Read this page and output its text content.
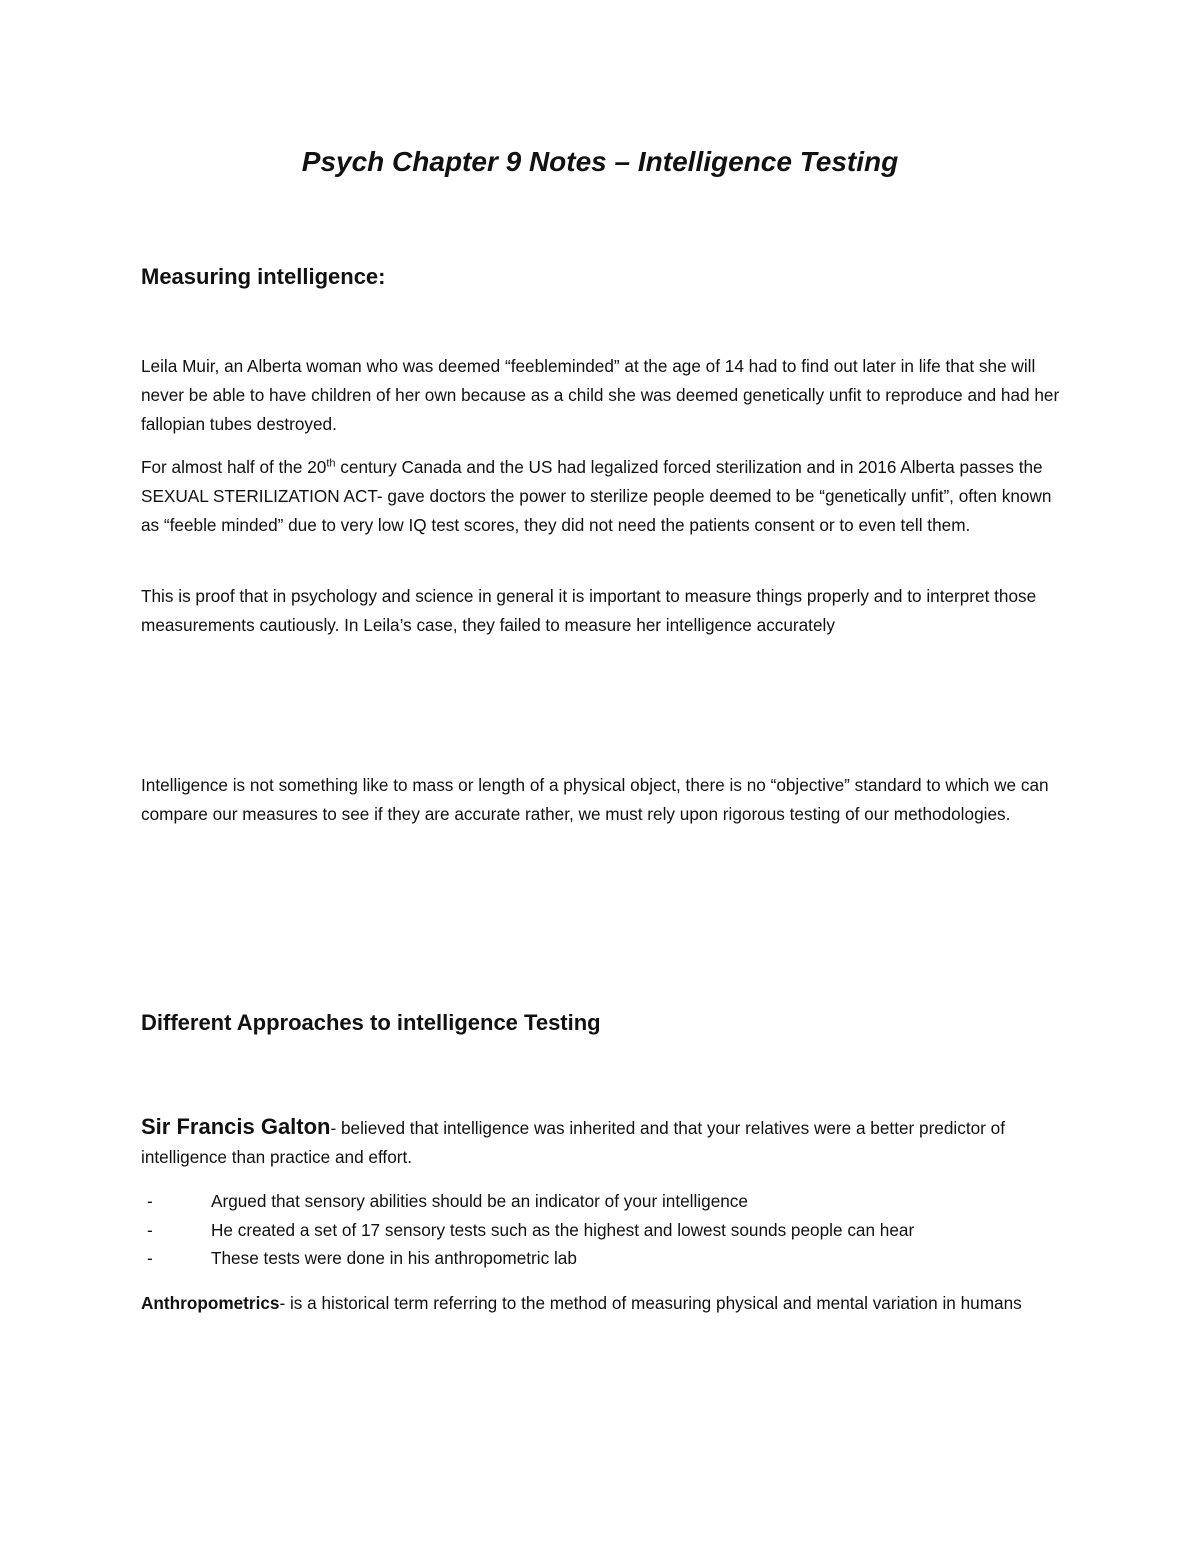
Psych Chapter 9 Notes – Intelligence Testing
Measuring intelligence:

Leila Muir, an Alberta woman who was deemed “feebleminded” at the age of 14 had to find out later in life that she will never be able to have children of her own because as a child she was deemed genetically unfit to reproduce and had her fallopian tubes destroyed.

For almost half of the 20th century Canada and the US had legalized forced sterilization and in 2016 Alberta passes the SEXUAL STERILIZATION ACT- gave doctors the power to sterilize people deemed to be “genetically unfit”, often known as “feeble minded” due to very low IQ test scores, they did not need the patients consent or to even tell them.

This is proof that in psychology and science in general it is important to measure things properly and to interpret those measurements cautiously. In Leila’s case, they failed to measure her intelligence accurately

Intelligence is not something like to mass or length of a physical object, there is no “objective” standard to which we can compare our measures to see if they are accurate rather, we must rely upon rigorous testing of our methodologies.

Different Approaches to intelligence Testing

Sir Francis Galton- believed that intelligence was inherited and that your relatives were a better predictor of intelligence than practice and effort.

-	Argued that sensory abilities should be an indicator of your intelligence
-	He created a set of 17 sensory tests such as the highest and lowest sounds people can hear
-	These tests were done in his anthropometric lab

Anthropometrics- is a historical term referring to the method of measuring physical and mental variation in humans
